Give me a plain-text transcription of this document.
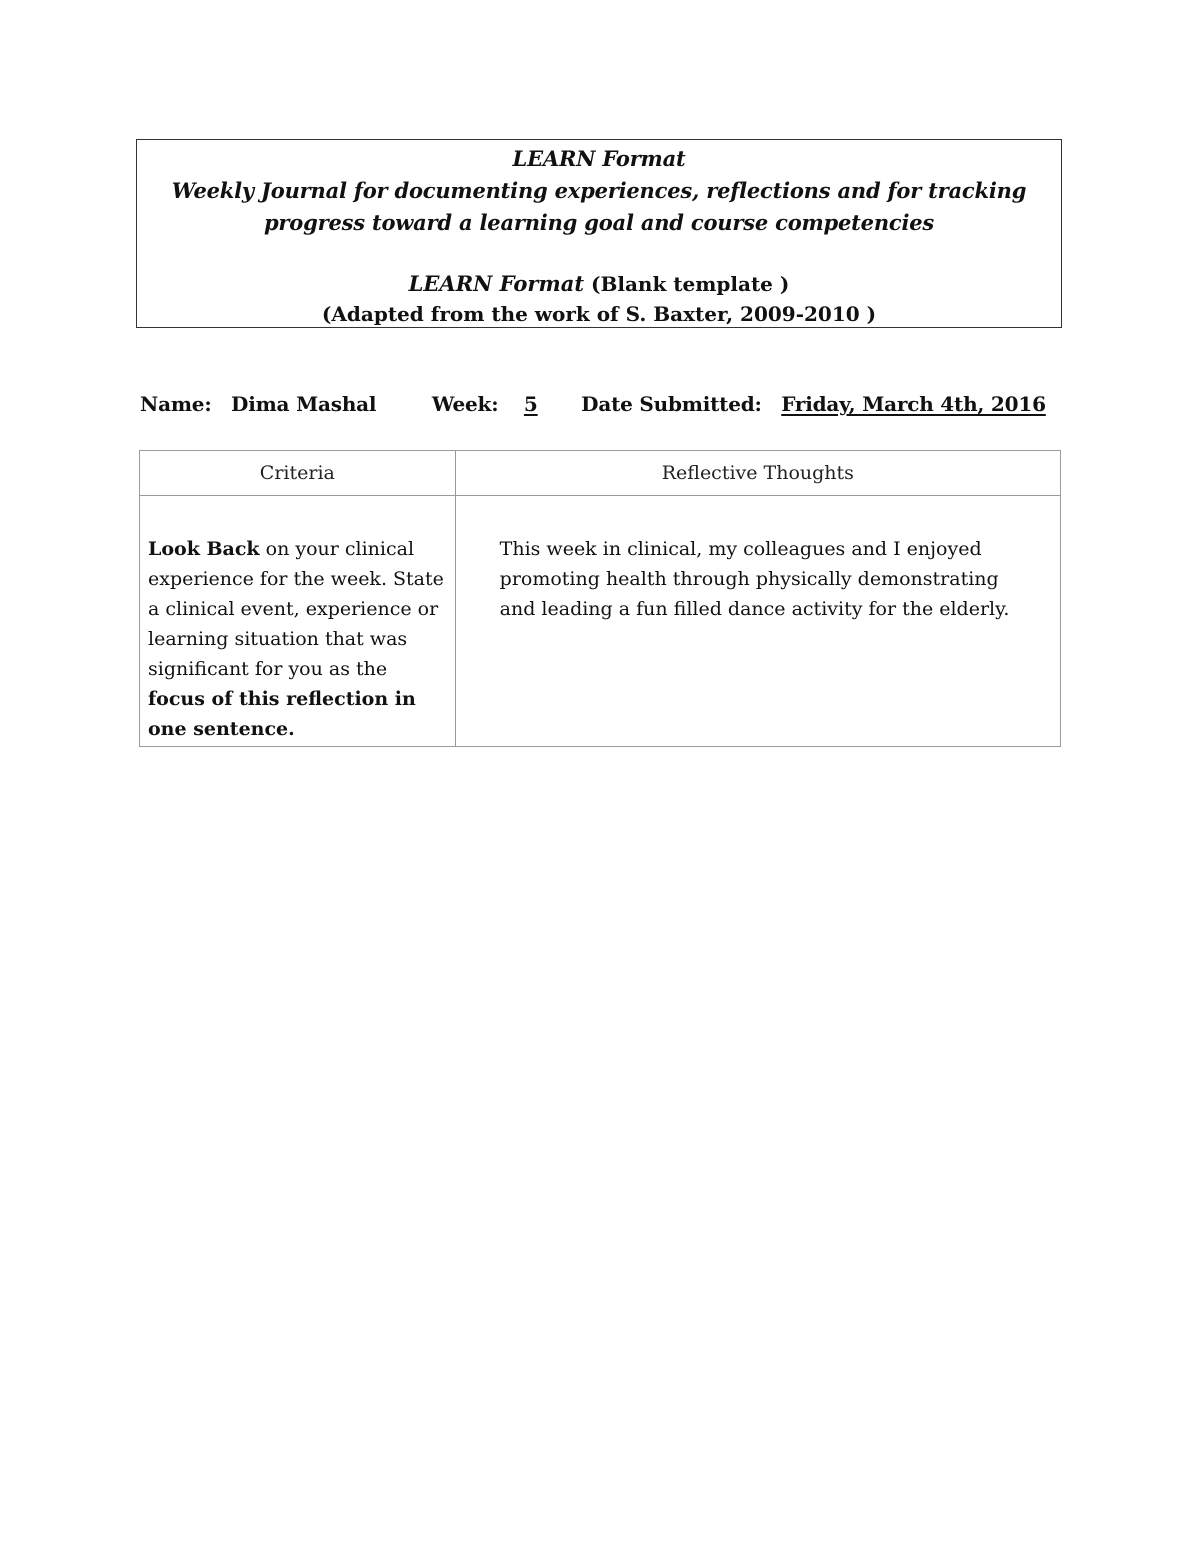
LEARN Format
Weekly Journal for documenting experiences, reflections and for tracking
progress toward a learning goal and course competencies
LEARN Format (Blank template )
(Adapted from the work of S. Baxter, 2009-2010 )
Name: Dima Mashal	Week: 5 Date Submitted: Friday, March 4th, 2016
Criteria	Reflective Thoughts

Look Back on your clinical experience for the week. State a clinical event, experience or learning situation that was significant for you as the focus of this reflection in one sentence.	This week in clinical, my colleagues and I enjoyed promoting health through physically demonstrating and leading a fun filled dance activity for the elderly.
